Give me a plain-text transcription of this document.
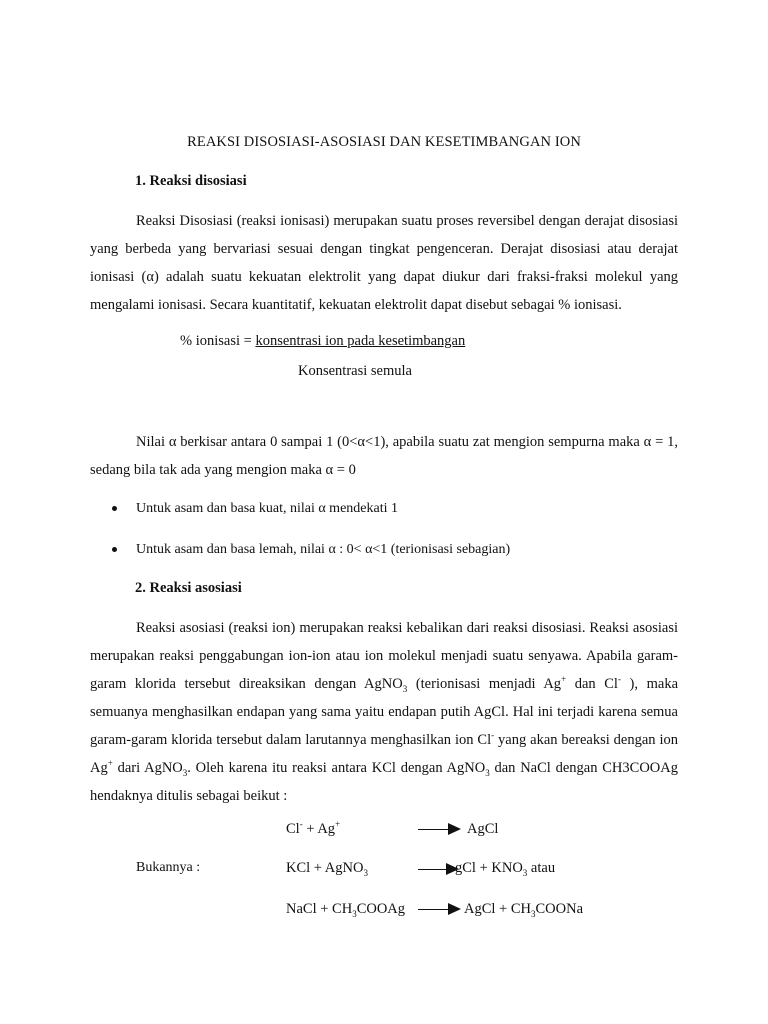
REAKSI DISOSIASI-ASOSIASI DAN KESETIMBANGAN ION
1. Reaksi disosiasi

Reaksi Disosiasi (reaksi ionisasi) merupakan suatu proses reversibel dengan derajat disosiasi yang berbeda yang bervariasi sesuai dengan tingkat pengenceran. Derajat disosiasi atau derajat ionisasi (α) adalah suatu kekuatan elektrolit yang dapat diukur dari fraksi-fraksi molekul yang mengalami ionisasi. Secara kuantitatif, kekuatan elektrolit dapat disebut sebagai % ionisasi.

% ionisasi = konsentrasi ion pada kesetimbangan
Konsentrasi semula

Nilai α berkisar antara 0 sampai 1 (0<α<1), apabila suatu zat mengion sempurna maka α = 1, sedang bila tak ada yang mengion maka α = 0

Untuk asam dan basa kuat, nilai α mendekati 1
Untuk asam dan basa lemah, nilai α : 0< α<1 (terionisasi sebagian)
2. Reaksi asosiasi

Reaksi asosiasi (reaksi ion) merupakan reaksi kebalikan dari reaksi disosiasi. Reaksi asosiasi merupakan reaksi penggabungan ion-ion atau ion molekul menjadi suatu senyawa. Apabila garam-garam klorida tersebut direaksikan dengan AgNO$_3$ (terionisasi menjadi Ag+ dan Cl- ), maka semuanya menghasilkan endapan yang sama yaitu endapan putih AgCl. Hal ini terjadi karena semua garam-garam klorida tersebut dalam larutannya menghasilkan ion Cl- yang akan bereaksi dengan ion Ag+ dari AgNO$_3$. Oleh karena itu reaksi antara KCl dengan AgNO$_3$ dan NaCl dengan CH3COOAg hendaknya ditulis sebagai beikut :

Cl- + Ag+	AgCl
Bukannya :	KCl + AgNO$_3$	gCl + $KNO_3$ atau
NaCl + $CH_3COOAg$	AgCl + $CH_3COONa$
